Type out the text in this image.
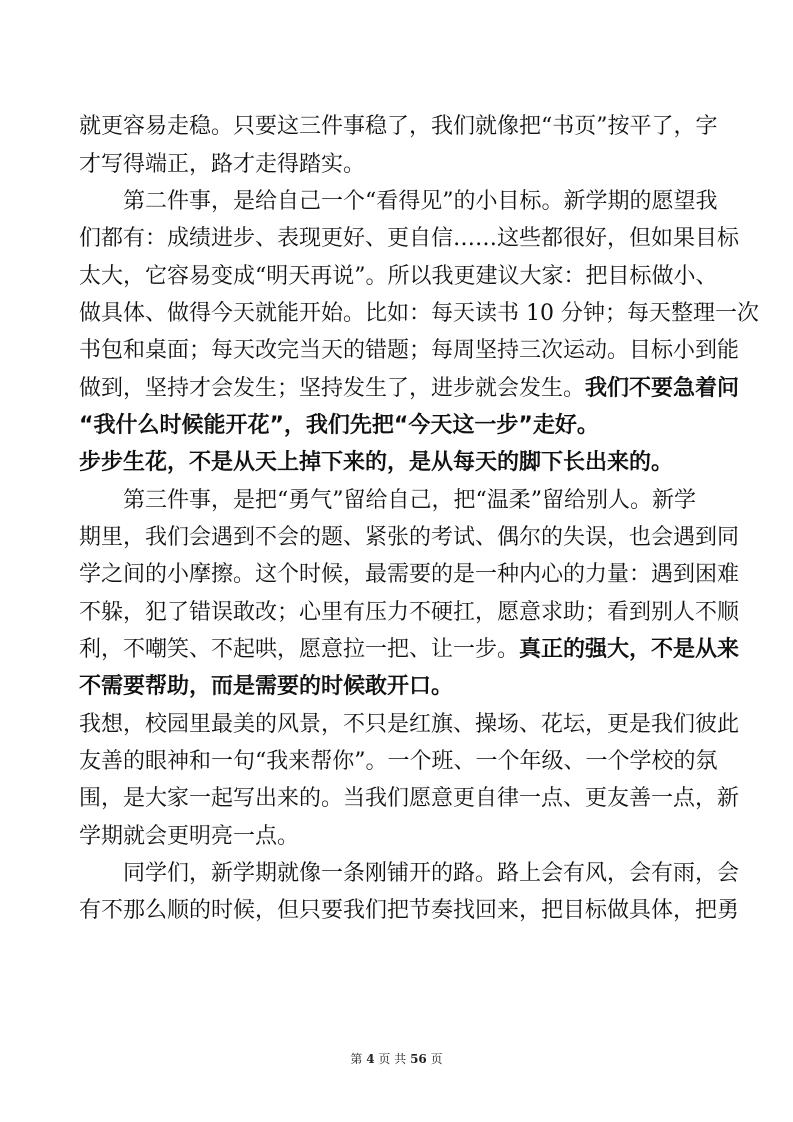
就更容易走稳。只要这三件事稳了，我们就像把“书页”按平了，字
才写得端正，路才走得踏实。
第二件事，是给自己一个“看得见”的小目标。新学期的愿望我
们都有：成绩进步、表现更好、更自信……这些都很好，但如果目标
太大，它容易变成“明天再说”。所以我更建议大家：把目标做小、
做具体、做得今天就能开始。比如：每天读书 10 分钟；每天整理一次
书包和桌面；每天改完当天的错题；每周坚持三次运动。目标小到能
做到，坚持才会发生；坚持发生了，进步就会发生。我们不要急着问
“我什么时候能开花”，我们先把“今天这一步”走好。
步步生花，不是从天上掉下来的，是从每天的脚下长出来的。
第三件事，是把“勇气”留给自己，把“温柔”留给别人。新学
期里，我们会遇到不会的题、紧张的考试、偶尔的失误，也会遇到同
学之间的小摩擦。这个时候，最需要的是一种内心的力量：遇到困难
不躲，犯了错误敢改；心里有压力不硬扛，愿意求助；看到别人不顺
利，不嘲笑、不起哄，愿意拉一把、让一步。真正的强大，不是从来
不需要帮助，而是需要的时候敢开口。
我想，校园里最美的风景，不只是红旗、操场、花坛，更是我们彼此
友善的眼神和一句“我来帮你”。一个班、一个年级、一个学校的氛
围，是大家一起写出来的。当我们愿意更自律一点、更友善一点，新
学期就会更明亮一点。
同学们，新学期就像一条刚铺开的路。路上会有风，会有雨，会
有不那么顺的时候，但只要我们把节奏找回来，把目标做具体，把勇
第 4 页 共 56 页
